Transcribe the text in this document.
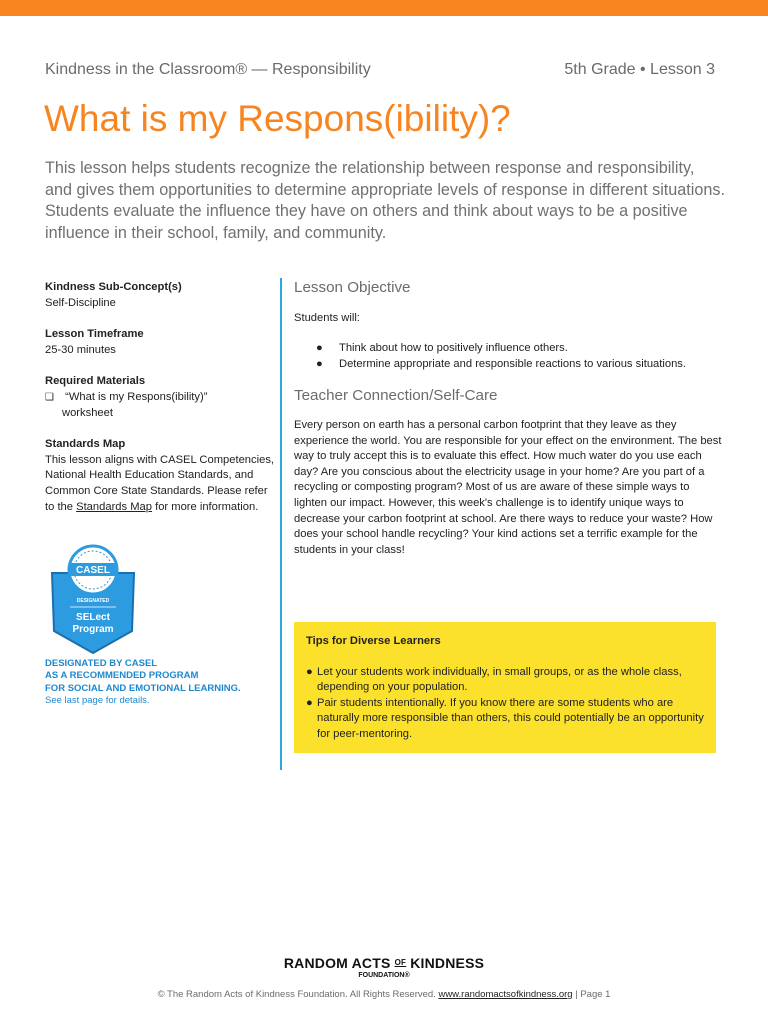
Kindness in the Classroom® — Responsibility	5th Grade • Lesson 3
What is my Respons(ibility)?

This lesson helps students recognize the relationship between response and responsibility, and gives them opportunities to determine appropriate levels of response in different situations. Students evaluate the influence they have on others and think about ways to be a positive influence in their school, family, and community.

Kindness Sub-Concept(s)
Self-Discipline
Lesson Timeframe
25-30 minutes
Required Materials
❑ “What is my Respons(ibility)”
worksheet
Standards Map
This lesson aligns with CASEL Competencies, National Health Education Standards, and Common Core State Standards. Please refer to the Standards Map for more information.
CASEL
DESIGNATED
SELect
Program
DESIGNATED BY CASEL
AS A RECOMMENDED PROGRAM
FOR SOCIAL AND EMOTIONAL LEARNING.
See last page for details.

Lesson Objective

Students will:
● Think about how to positively influence others.
● Determine appropriate and responsible reactions to various situations.

Teacher Connection/Self-Care

Every person on earth has a personal carbon footprint that they leave as they experience the world. You are responsible for your effect on the environment. The best way to truly accept this is to evaluate this effect. How much water do you use each day? Are you conscious about the electricity usage in your home? Are you part of a recycling or composting program? Most of us are aware of these simple ways to lighten our impact. However, this week's challenge is to identify unique ways to decrease your carbon footprint at school. Are there ways to reduce your waste? How does your school handle recycling? Your kind actions set a terrific example for the students in your class!
Tips for Diverse Learners
● Let your students work individually, in small groups, or as the whole class, depending on your population.
● Pair students intentionally. If you know there are some students who are naturally more responsible than others, this could potentially be an opportunity for peer-mentoring.
RANDOM ACTS $^{OF}$ KINDNESS
FOUNDATION®
© The Random Acts of Kindness Foundation. All Rights Reserved. www.randomactsofkindness.org | Page 1
